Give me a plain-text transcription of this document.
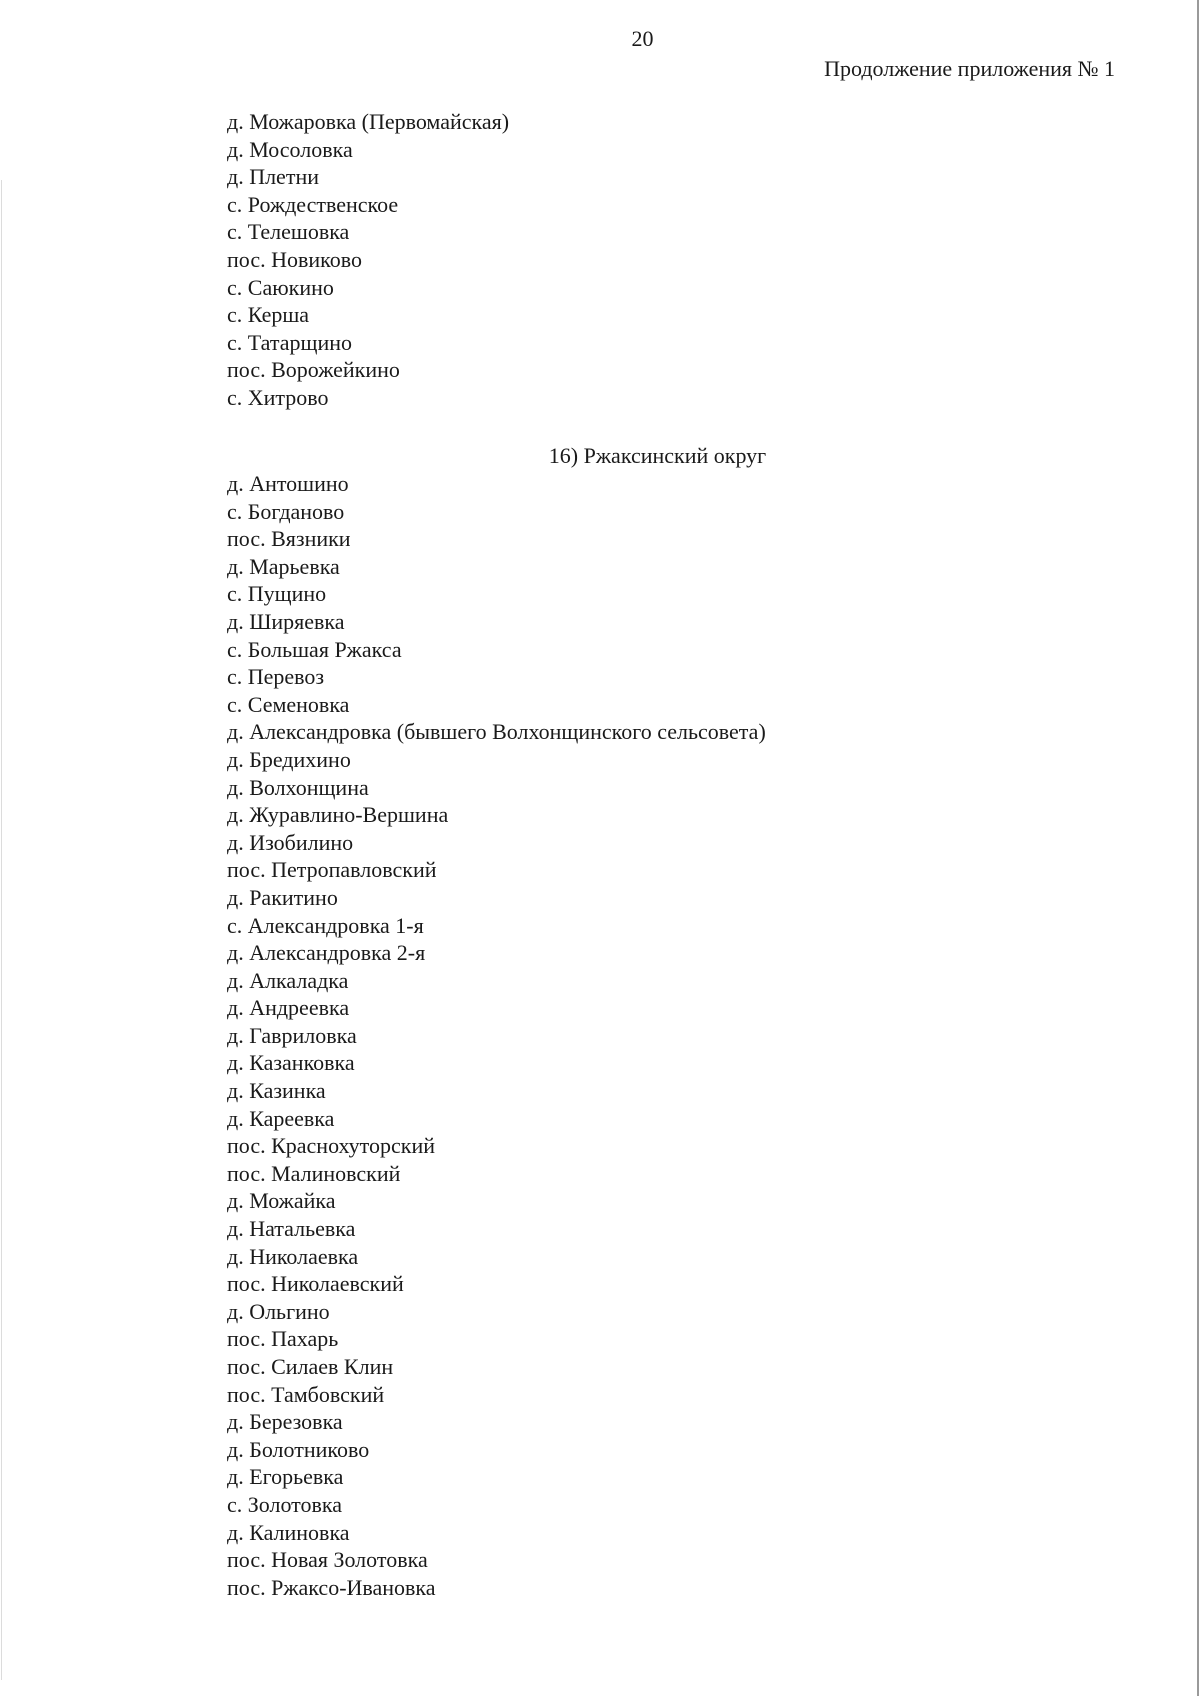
20
Продолжение приложения № 1
д. Можаровка (Первомайская)
д. Мосоловка
д. Плетни
с. Рождественское
с. Телешовка
пос. Новиково
с. Саюкино
с. Керша
с. Татарщино
пос. Ворожейкино
с. Хитрово
16) Ржаксинский округ
д. Антошино
с. Богданово
пос. Вязники
д. Марьевка
с. Пущино
д. Ширяевка
с. Большая Ржакса
с. Перевоз
с. Семеновка
д. Александровка (бывшего Волхонщинского сельсовета)
д. Бредихино
д. Волхонщина
д. Журавлино-Вершина
д. Изобилино
пос. Петропавловский
д. Ракитино
с. Александровка 1-я
д. Александровка 2-я
д. Алкаладка
д. Андреевка
д. Гавриловка
д. Казанковка
д. Казинка
д. Кареевка
пос. Краснохуторский
пос. Малиновский
д. Можайка
д. Натальевка
д. Николаевка
пос. Николаевский
д. Ольгино
пос. Пахарь
пос. Силаев Клин
пос. Тамбовский
д. Березовка
д. Болотниково
д. Егорьевка
с. Золотовка
д. Калиновка
пос. Новая Золотовка
пос. Ржаксо-Ивановка
